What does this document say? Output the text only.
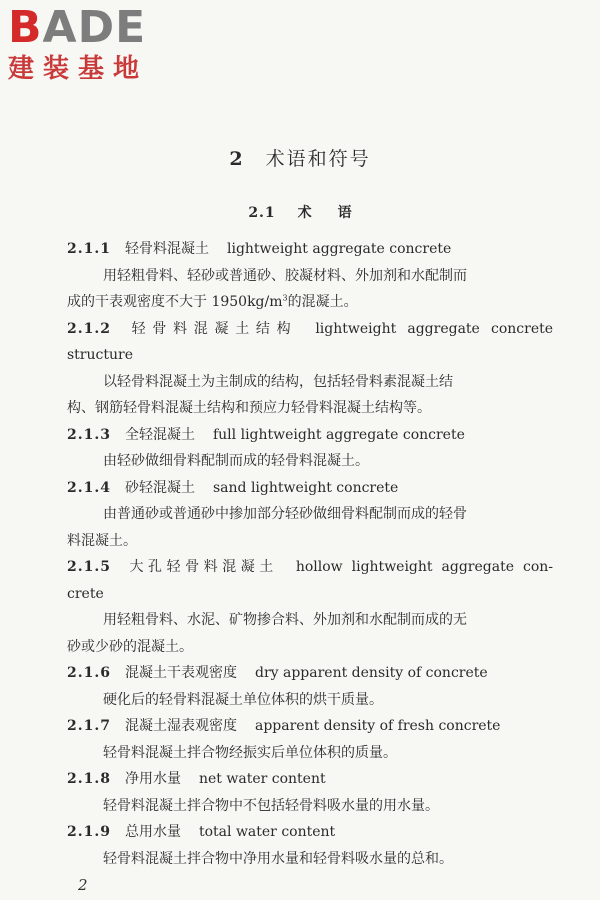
BADE
建装基地
2 术语和符号
2.1 术 语
2.1.1 轻骨料混凝土 lightweight aggregate concrete
用轻粗骨料、轻砂或普通砂、胶凝材料、外加剂和水配制而
成的干表观密度不大于 $1950kg/m^3$的混凝土。
2.1.2 轻骨料混凝土结构 lightweight aggregate concrete
structure
以轻骨料混凝土为主制成的结构，包括轻骨料素混凝土结
构、钢筋轻骨料混凝土结构和预应力轻骨料混凝土结构等。
2.1.3 全轻混凝土 full lightweight aggregate concrete
由轻砂做细骨料配制而成的轻骨料混凝土。
2.1.4 砂轻混凝土 sand lightweight concrete
由普通砂或普通砂中掺加部分轻砂做细骨料配制而成的轻骨
料混凝土。
2.1.5 大孔轻骨料混凝土 hollow lightweight aggregate con-
crete
用轻粗骨料、水泥、矿物掺合料、外加剂和水配制而成的无
砂或少砂的混凝土。
2.1.6 混凝土干表观密度 dry apparent density of concrete
硬化后的轻骨料混凝土单位体积的烘干质量。
2.1.7 混凝土湿表观密度 apparent density of fresh concrete
轻骨料混凝土拌合物经振实后单位体积的质量。
2.1.8 净用水量 net water content
轻骨料混凝土拌合物中不包括轻骨料吸水量的用水量。
2.1.9 总用水量 total water content
轻骨料混凝土拌合物中净用水量和轻骨料吸水量的总和。
2
